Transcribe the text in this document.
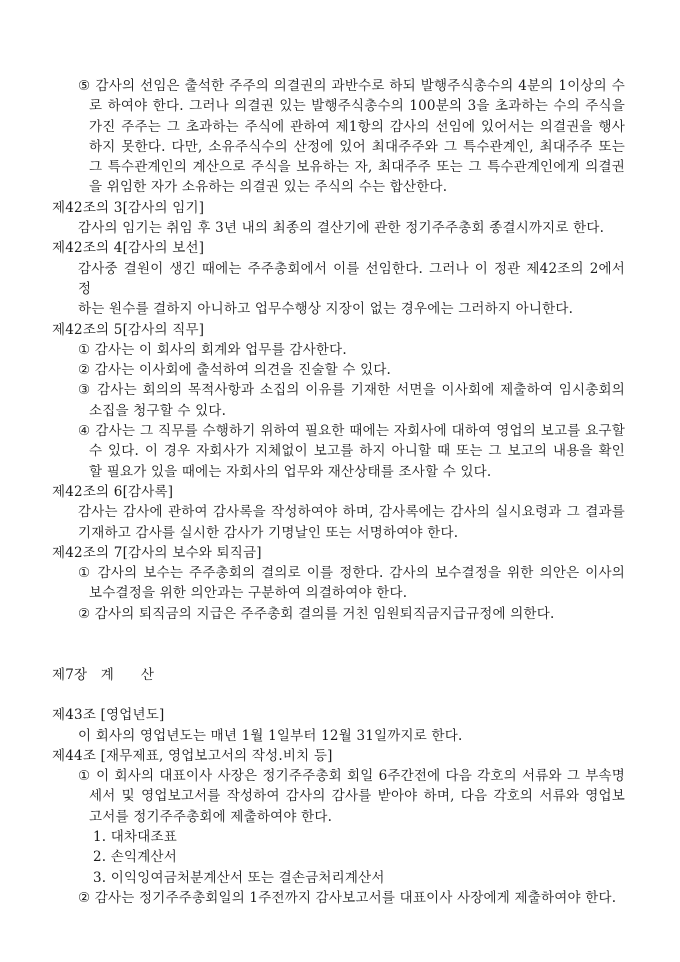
⑤ 감사의 선임은 출석한 주주의 의결권의 과반수로 하되 발행주식총수의 4분의 1이상의 수
로 하여야 한다. 그러나 의결권 있는 발행주식총수의 100분의 3을 초과하는 수의 주식을
가진 주주는 그 초과하는 주식에 관하여 제1항의 감사의 선임에 있어서는 의결권을 행사
하지 못한다. 다만, 소유주식수의 산정에 있어 최대주주와 그 특수관계인, 최대주주 또는
그 특수관계인의 계산으로 주식을 보유하는 자, 최대주주 또는 그 특수관계인에게 의결권
을 위임한 자가 소유하는 의결권 있는 주식의 수는 합산한다.
제42조의 3[감사의 임기]
감사의 임기는 취임 후 3년 내의 최종의 결산기에 관한 정기주주총회 종결시까지로 한다.
제42조의 4[감사의 보선]
감사중 결원이 생긴 때에는 주주총회에서 이를 선임한다. 그러나 이 정관 제42조의 2에서 정
하는 원수를 결하지 아니하고 업무수행상 지장이 없는 경우에는 그러하지 아니한다.
제42조의 5[감사의 직무]
① 감사는 이 회사의 회계와 업무를 감사한다.
② 감사는 이사회에 출석하여 의견을 진술할 수 있다.
③ 감사는 회의의 목적사항과 소집의 이유를 기재한 서면을 이사회에 제출하여 임시총회의
소집을 청구할 수 있다.
④ 감사는 그 직무를 수행하기 위하여 필요한 때에는 자회사에 대하여 영업의 보고를 요구할
수 있다. 이 경우 자회사가 지체없이 보고를 하지 아니할 때 또는 그 보고의 내용을 확인
할 필요가 있을 때에는 자회사의 업무와 재산상태를 조사할 수 있다.
제42조의 6[감사록]
감사는 감사에 관하여 감사록을 작성하여야 하며, 감사록에는 감사의 실시요령과 그 결과를
기재하고 감사를 실시한 감사가 기명날인 또는 서명하여야 한다.
제42조의 7[감사의 보수와 퇴직금]
① 감사의 보수는 주주총회의 결의로 이를 정한다. 감사의 보수결정을 위한 의안은 이사의
보수결정을 위한 의안과는 구분하여 의결하여야 한다.
② 감사의 퇴직금의 지급은 주주총회 결의를 거친 임원퇴직금지급규정에 의한다.

제7장   계      산

제43조 [영업년도]
이 회사의 영업년도는 매년 1월 1일부터 12월 31일까지로 한다.
제44조 [재무제표, 영업보고서의 작성.비치 등]
① 이 회사의 대표이사 사장은 정기주주총회 회일 6주간전에 다음 각호의 서류와 그 부속명
세서 및 영업보고서를 작성하여 감사의 감사를 받아야 하며, 다음 각호의 서류와 영업보
고서를 정기주주총회에 제출하여야 한다.
1. 대차대조표
2. 손익계산서
3. 이익잉여금처분계산서 또는 결손금처리계산서
② 감사는 정기주주총회일의 1주전까지 감사보고서를 대표이사 사장에게 제출하여야 한다.
